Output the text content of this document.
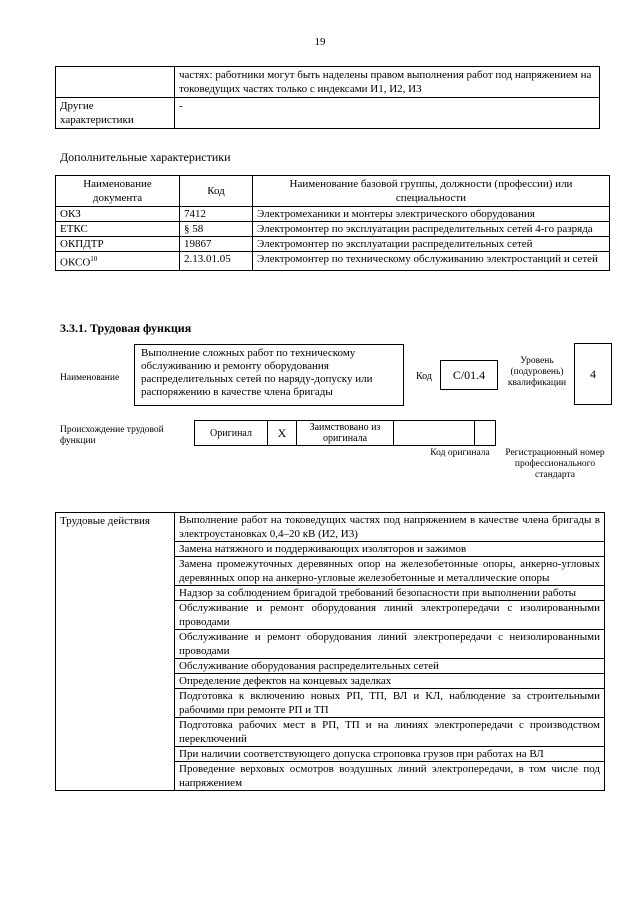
19
	частях: работники могут быть наделены правом выполнения работ под напряжением на токоведущих частях только с индексами И1, И2, И3
Другие характеристики	-
Дополнительные характеристики
Наименование документа	Код	Наименование базовой группы, должности (профессии) или специальности
ОКЗ	7412	Электромеханики и монтеры электрического оборудования
ЕТКС	§ 58	Электромонтер по эксплуатации распределительных сетей 4-го разряда
ОКПДТР	19867	Электромонтер по эксплуатации распределительных сетей
ОКСО$^{10}$	2.13.01.05	Электромонтер по техническому обслуживанию электростанций и сетей
3.3.1. Трудовая функция
Наименование
Выполнение сложных работ по техническому обслуживанию и ремонту оборудования распределительных сетей по наряду-допуску или распоряжению в качестве члена бригады
Код	С/01.4
Уровень (подуровень) квалификации
4
Происхождение трудовой функции
Оригинал	X	Заимствовано из оригинала		
Код оригинала	Регистрационный номер профессионального стандарта
Трудовые действия	Выполнение работ на токоведущих частях под напряжением в качестве члена бригады в электроустановках 0,4–20 кВ (И2, И3)
Замена натяжного и поддерживающих изоляторов и зажимов
Замена промежуточных деревянных опор на железобетонные опоры, анкерно-угловых деревянных опор на анкерно-угловые железобетонные и металлические опоры
Надзор за соблюдением бригадой требований безопасности при выполнении работы
Обслуживание и ремонт оборудования линий электропередачи с изолированными проводами
Обслуживание и ремонт оборудования линий электропередачи с неизолированными проводами
Обслуживание оборудования распределительных сетей
Определение дефектов на концевых заделках
Подготовка к включению новых РП, ТП, ВЛ и КЛ, наблюдение за строительными рабочими при ремонте РП и ТП
Подготовка рабочих мест в РП, ТП и на линиях электропередачи с производством переключений
При наличии соответствующего допуска строповка грузов при работах на ВЛ
Проведение верховых осмотров воздушных линий электропередачи, в том числе под напряжением
